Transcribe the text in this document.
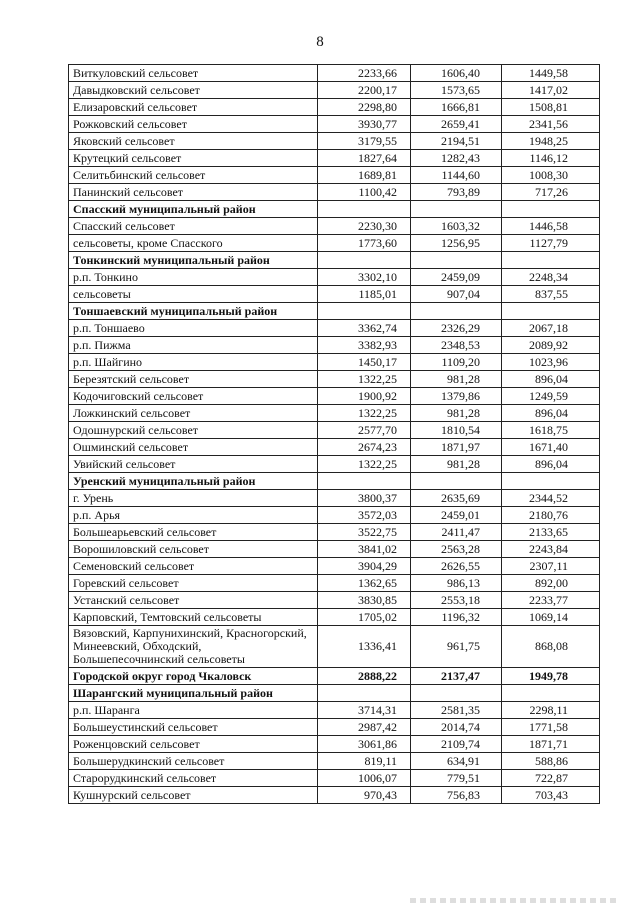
8
Виткуловский сельсовет	2233,66	1606,40	1449,58
Давыдковский сельсовет	2200,17	1573,65	1417,02
Елизаровский сельсовет	2298,80	1666,81	1508,81
Рожковский сельсовет	3930,77	2659,41	2341,56
Яковский сельсовет	3179,55	2194,51	1948,25
Крутецкий сельсовет	1827,64	1282,43	1146,12
Селитьбинский сельсовет	1689,81	1144,60	1008,30
Панинский сельсовет	1100,42	793,89	717,26
Спасский муниципальный район			
Спасский сельсовет	2230,30	1603,32	1446,58
сельсоветы, кроме Спасского	1773,60	1256,95	1127,79
Тонкинский муниципальный район			
р.п. Тонкино	3302,10	2459,09	2248,34
сельсоветы	1185,01	907,04	837,55
Тоншаевский муниципальный район			
р.п. Тоншаево	3362,74	2326,29	2067,18
р.п. Пижма	3382,93	2348,53	2089,92
р.п. Шайгино	1450,17	1109,20	1023,96
Березятский сельсовет	1322,25	981,28	896,04
Кодочиговский сельсовет	1900,92	1379,86	1249,59
Ложкинский сельсовет	1322,25	981,28	896,04
Одошнурский сельсовет	2577,70	1810,54	1618,75
Ошминский сельсовет	2674,23	1871,97	1671,40
Увийский сельсовет	1322,25	981,28	896,04
Уренский муниципальный район			
г. Урень	3800,37	2635,69	2344,52
р.п. Арья	3572,03	2459,01	2180,76
Большеарьевский сельсовет	3522,75	2411,47	2133,65
Ворошиловский сельсовет	3841,02	2563,28	2243,84
Семеновский сельсовет	3904,29	2626,55	2307,11
Горевский сельсовет	1362,65	986,13	892,00
Устанский сельсовет	3830,85	2553,18	2233,77
Карповский, Темтовский сельсоветы	1705,02	1196,32	1069,14
Вязовский, Карпунихинский, Красногорский, Минеевский, Обходский, Большепесочнинский сельсоветы	1336,41	961,75	868,08
Городской округ город Чкаловск	2888,22	2137,47	1949,78
Шарангский муниципальный район			
р.п. Шаранга	3714,31	2581,35	2298,11
Большеустинский сельсовет	2987,42	2014,74	1771,58
Роженцовский сельсовет	3061,86	2109,74	1871,71
Большерудкинский сельсовет	819,11	634,91	588,86
Старорудкинский сельсовет	1006,07	779,51	722,87
Кушнурский сельсовет	970,43	756,83	703,43
